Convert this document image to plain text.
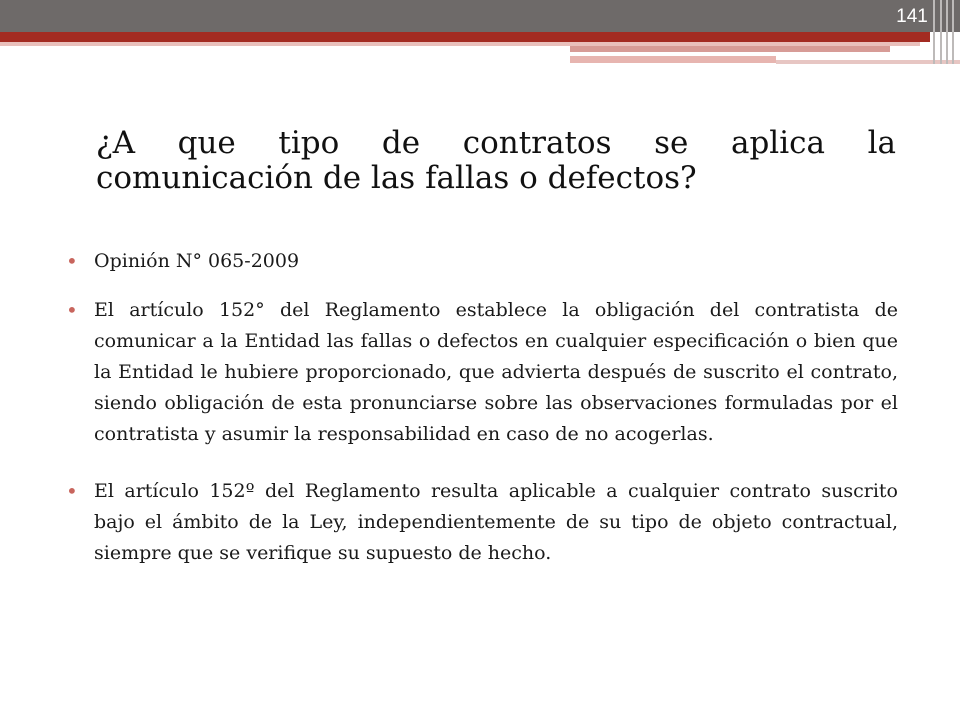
141
¿A que tipo de contratos se aplica la
comunicación de las fallas o defectos?
• Opinión N° 065-2009
• El artículo 152° del Reglamento establece la obligación del contratista de comunicar a la Entidad las fallas o defectos en cualquier especificación o bien que la Entidad le hubiere proporcionado, que advierta después de suscrito el contrato, siendo obligación de esta pronunciarse sobre las observaciones formuladas por el contratista y asumir la responsabilidad en caso de no acogerlas.
• El artículo 152º del Reglamento resulta aplicable a cualquier contrato suscrito bajo el ámbito de la Ley, independientemente de su tipo de objeto contractual, siempre que se verifique su supuesto de hecho.
